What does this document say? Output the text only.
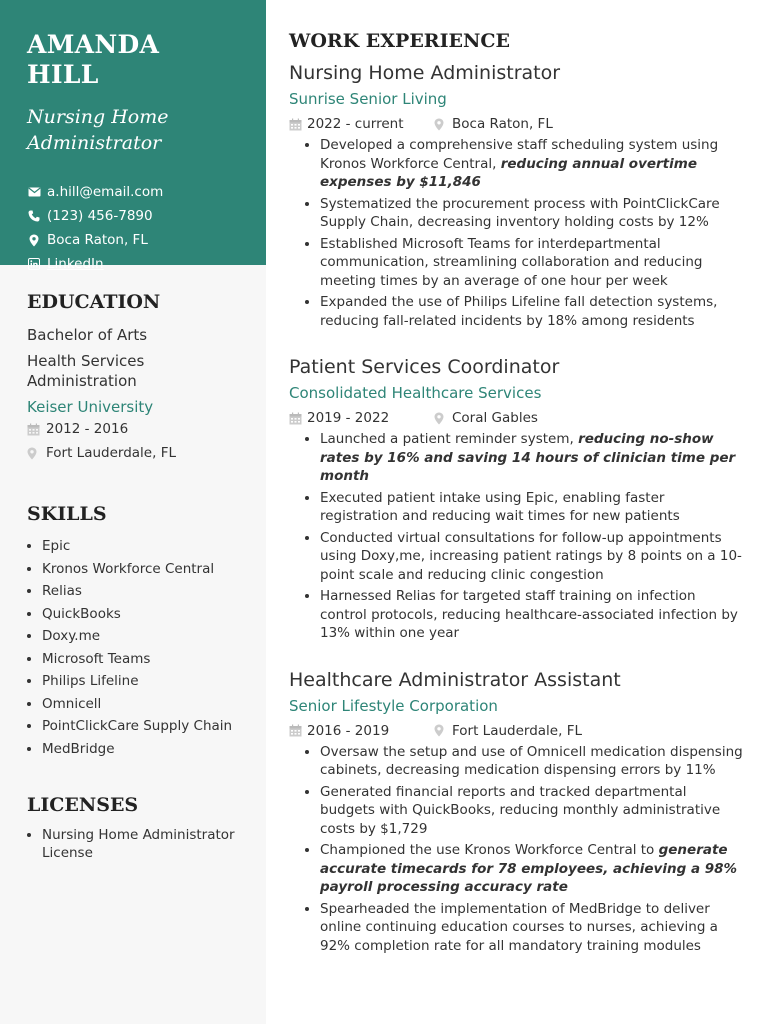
AMANDA HILL
Nursing Home Administrator
a.hill@email.com
(123) 456-7890
Boca Raton, FL
LinkedIn
EDUCATION
Bachelor of Arts
Health Services Administration
Keiser University
2012 - 2016
Fort Lauderdale, FL
SKILLS
• Epic
• Kronos Workforce Central
• Relias
• QuickBooks
• Doxy.me
• Microsoft Teams
• Philips Lifeline
• Omnicell
• PointClickCare Supply Chain
• MedBridge
LICENSES
• Nursing Home Administrator License
WORK EXPERIENCE
Nursing Home Administrator
Sunrise Senior Living
2022 - current	Boca Raton, FL
• Developed a comprehensive staff scheduling system using Kronos Workforce Central, reducing annual overtime expenses by $11,846
• Systematized the procurement process with PointClickCare Supply Chain, decreasing inventory holding costs by 12%
• Established Microsoft Teams for interdepartmental communication, streamlining collaboration and reducing meeting times by an average of one hour per week
• Expanded the use of Philips Lifeline fall detection systems, reducing fall-related incidents by 18% among residents
Patient Services Coordinator
Consolidated Healthcare Services
2019 - 2022	Coral Gables
• Launched a patient reminder system, reducing no-show rates by 16% and saving 14 hours of clinician time per month
• Executed patient intake using Epic, enabling faster registration and reducing wait times for new patients
• Conducted virtual consultations for follow-up appointments using Doxy,me, increasing patient ratings by 8 points on a 10-point scale and reducing clinic congestion
• Harnessed Relias for targeted staff training on infection control protocols, reducing healthcare-associated infection by 13% within one year
Healthcare Administrator Assistant
Senior Lifestyle Corporation
2016 - 2019	Fort Lauderdale, FL
• Oversaw the setup and use of Omnicell medication dispensing cabinets, decreasing medication dispensing errors by 11%
• Generated financial reports and tracked departmental budgets with QuickBooks, reducing monthly administrative costs by $1,729
• Championed the use Kronos Workforce Central to generate accurate timecards for 78 employees, achieving a 98% payroll processing accuracy rate
• Spearheaded the implementation of MedBridge to deliver online continuing education courses to nurses, achieving a 92% completion rate for all mandatory training modules
